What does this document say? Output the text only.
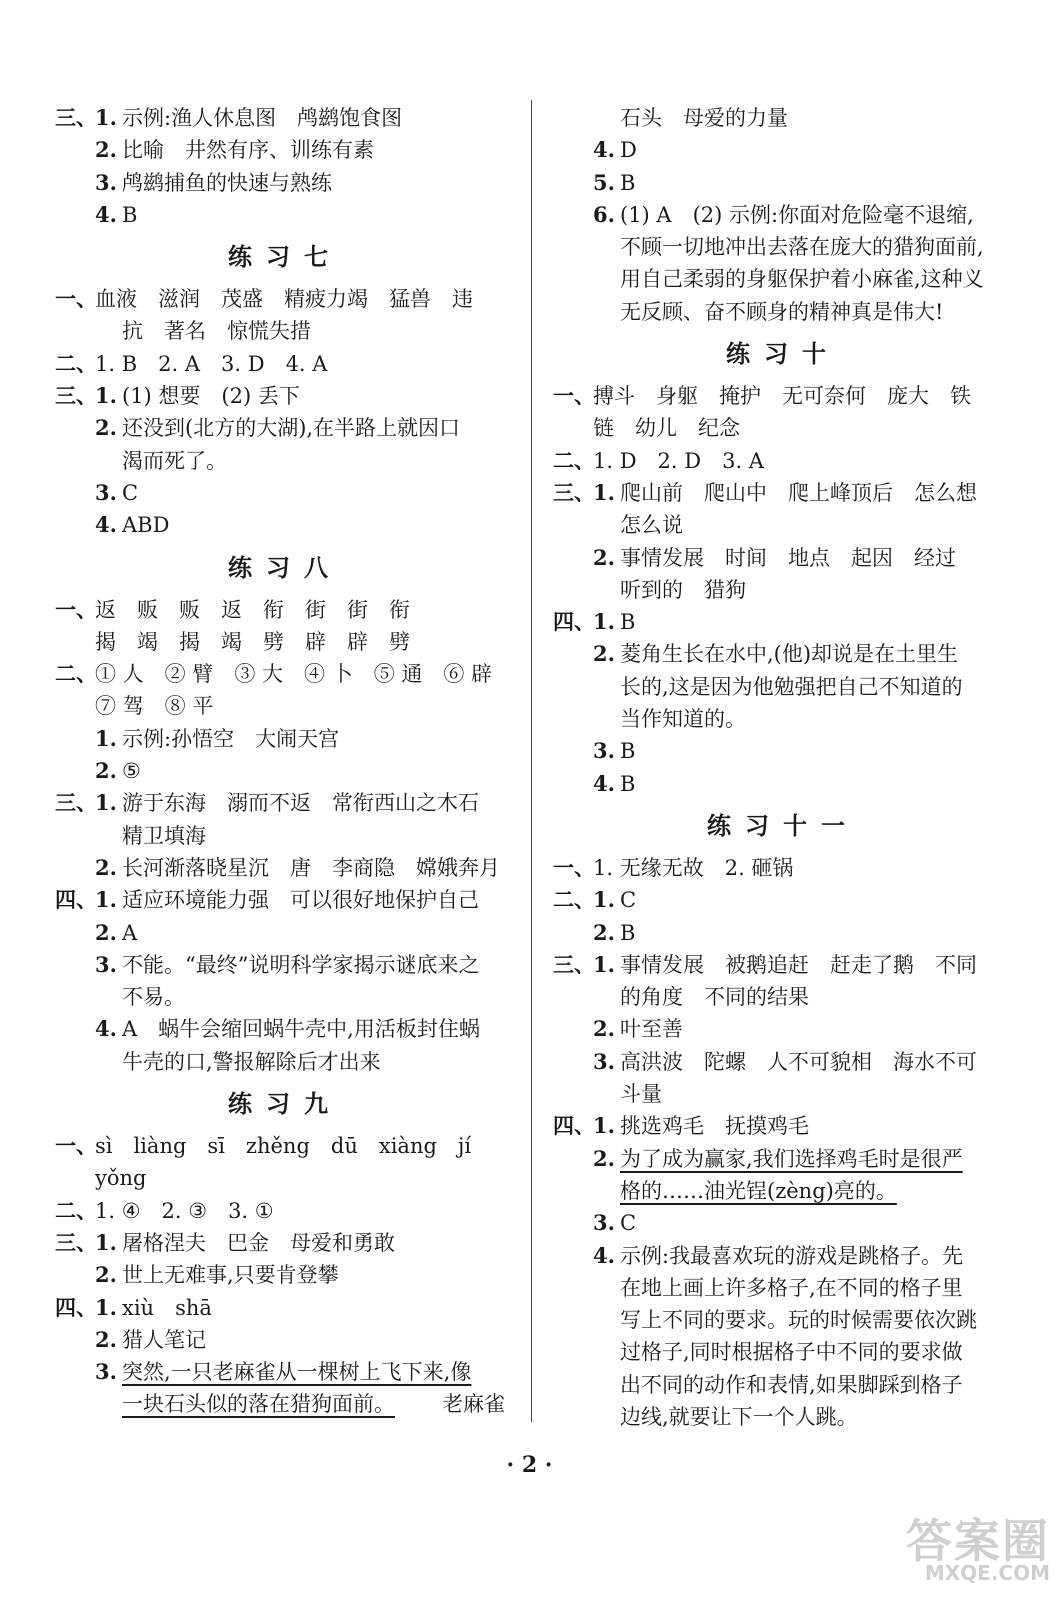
三、
1. 示例:渔人休息图　鸬鹚饱食图
2. 比喻　井然有序、训练有素
3. 鸬鹚捕鱼的快速与熟练
4. B
练习七
一、
血液　滋润　茂盛　精疲力竭　猛兽　违
抗　著名　惊慌失措
二、
1. B　2. A　3. D　4. A
三、
1. (1) 想要　(2) 丢下
2. 还没到(北方的大湖),在半路上就因口
渴而死了。
3. C
4. ABD
练习八
一、
返　贩　贩　返　衔　街　街　衔
揭　竭　揭　竭　劈　辟　辟　劈
二、
① 人　② 臂　③ 大　④ 卜　⑤ 通　⑥ 辟
⑦ 驾　⑧ 平
1. 示例:孙悟空　大闹天宫
2. ⑤
三、
1. 游于东海　溺而不返　常衔西山之木石
精卫填海
2. 长河渐落晓星沉　唐　李商隐　嫦娥奔月
四、
1. 适应环境能力强　可以很好地保护自己
2. A
3. 不能。“最终”说明科学家揭示谜底来之
不易。
4. A　蜗牛会缩回蜗牛壳中,用活板封住蜗
牛壳的口,警报解除后才出来
练习九
一、
sì　liàng　sī　zhěng　dū　xiàng　jí
yǒng
二、
1. ④　2. ③　3. ①
三、
1. 屠格涅夫　巴金　母爱和勇敢
2. 世上无难事,只要肯登攀
四、
1. xiù　shā
2. 猎人笔记
3. 突然,一只老麻雀从一棵树上飞下来,像
一块石头似的落在猎狗面前。 　老麻雀
石头　母爱的力量
4. D
5. B
6. (1) A　(2) 示例:你面对危险毫不退缩,
不顾一切地冲出去落在庞大的猎狗面前,
用自己柔弱的身躯保护着小麻雀,这种义
无反顾、奋不顾身的精神真是伟大!
练习十
一、
搏斗　身躯　掩护　无可奈何　庞大　铁
链　幼儿　纪念
二、
1. D　2. D　3. A
三、
1. 爬山前　爬山中　爬上峰顶后　怎么想
怎么说
2. 事情发展　时间　地点　起因　经过
听到的　猎狗
四、
1. B
2. 菱角生长在水中,(他)却说是在土里生
长的,这是因为他勉强把自己不知道的
当作知道的。
3. B
4. B
练习十一
一、
1. 无缘无故　2. 砸锅
二、
1. C
2. B
三、
1. 事情发展　被鹅追赶　赶走了鹅　不同
的角度　不同的结果
2. 叶至善
3. 高洪波　陀螺　人不可貌相　海水不可
斗量
四、
1. 挑选鸡毛　抚摸鸡毛
2. 为了成为赢家,我们选择鸡毛时是很严
格的……油光锃(zèng)亮的。
3. C
4. 示例:我最喜欢玩的游戏是跳格子。先
在地上画上许多格子,在不同的格子里
写上不同的要求。玩的时候需要依次跳
过格子,同时根据格子中不同的要求做
出不同的动作和表情,如果脚踩到格子
边线,就要让下一个人跳。
· 2 ·
答案圈
MXQE.COM
